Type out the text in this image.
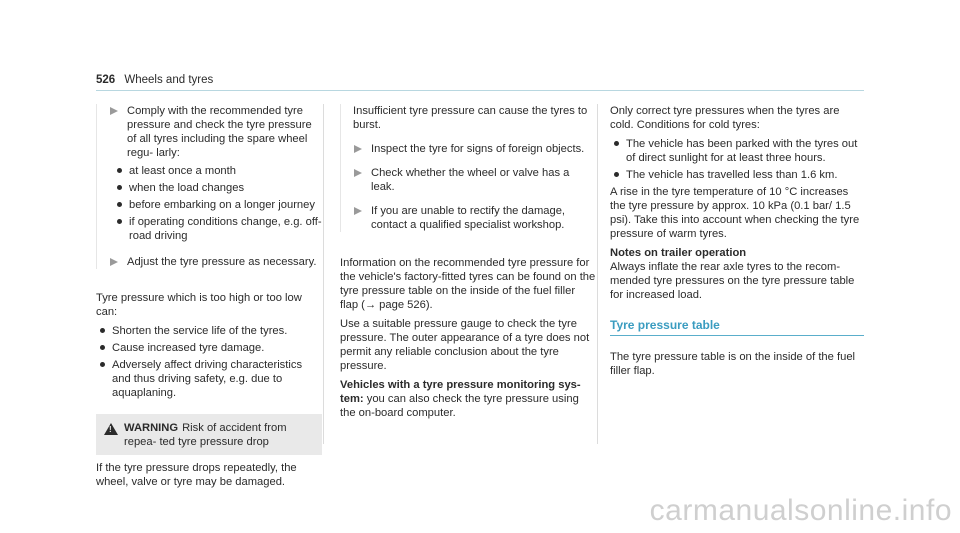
526 Wheels and tyres
Comply with the recommended tyre pressure and check the tyre pressure of all tyres including the spare wheel regu- larly:
at least once a month
when the load changes
before embarking on a longer journey
if operating conditions change, e.g. off- road driving
Adjust the tyre pressure as necessary.

Tyre pressure which is too high or too low can:

Shorten the service life of the tyres.
Cause increased tyre damage.
Adversely affect driving characteristics and thus driving safety, e.g. due to aquaplaning.
! WARNING Risk of accident from repea- ted tyre pressure drop
If the tyre pressure drops repeatedly, the wheel, valve or tyre may be damaged.

Insufficient tyre pressure can cause the tyres to burst.

Inspect the tyre for signs of foreign objects.
Check whether the wheel or valve has a leak.
If you are unable to rectify the damage, contact a qualified specialist workshop.

Information on the recommended tyre pressure for the vehicle's factory-fitted tyres can be found on the tyre pressure table on the inside of the fuel filler flap (→ page 526).

Use a suitable pressure gauge to check the tyre pressure. The outer appearance of a tyre does not permit any reliable conclusion about the tyre pressure.

Vehicles with a tyre pressure monitoring sys- tem: you can also check the tyre pressure using the on-board computer.

Only correct tyre pressures when the tyres are cold. Conditions for cold tyres:

The vehicle has been parked with the tyres out of direct sunlight for at least three hours.
The vehicle has travelled less than 1.6 km.

A rise in the tyre temperature of 10 °C increases the tyre pressure by approx. 10 kPa (0.1 bar/ 1.5 psi). Take this into account when checking the tyre pressure of warm tyres.

Notes on trailer operation

Always inflate the rear axle tyres to the recom- mended tyre pressures on the tyre pressure table for increased load.

Tyre pressure table

The tyre pressure table is on the inside of the fuel filler flap.

carmanualsonline.info
